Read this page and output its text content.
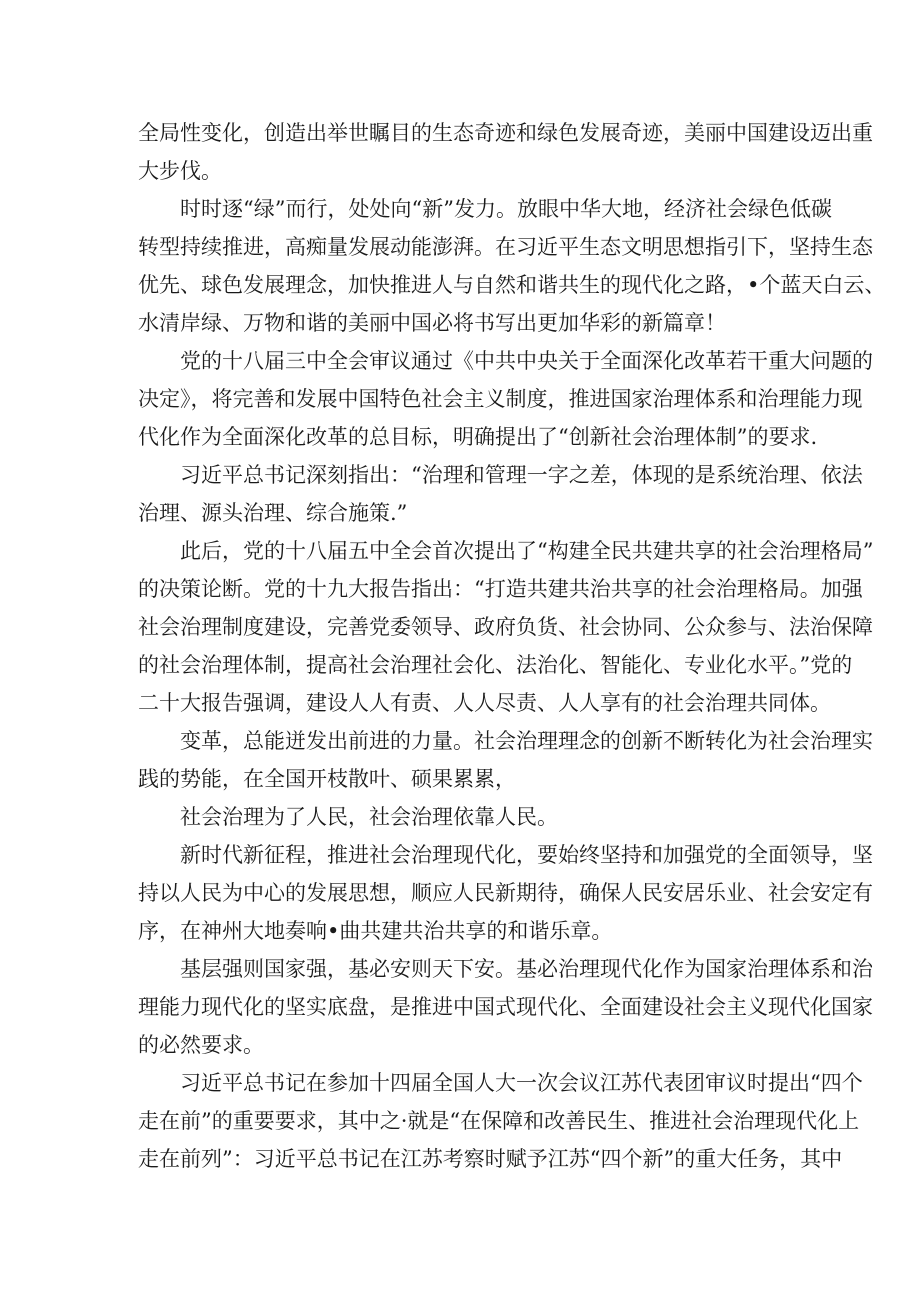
全局性变化，创造出举世瞩目的生态奇迹和绿色发展奇迹，美丽中国建设迈出重
大步伐。
时时逐“绿”而行，处处向“新”发力。放眼中华大地，经济社会绿色低碳
转型持续推进，高痴量发展动能澎湃。在习近平生态文明思想指引下，坚持生态
优先、球色发展理念，加快推进人与自然和谐共生的现代化之路，•个蓝天白云、
水清岸绿、万物和谐的美丽中国必将书写出更加华彩的新篇章！
党的十八届三中全会审议通过《中共中央关于全面深化改革若干重大问题的
决定》，将完善和发展中国特色社会主义制度，推进国家治理体系和治理能力现
代化作为全面深化改革的总目标，明确提出了“创新社会治理体制”的要求.
习近平总书记深刻指出：“治理和管理一字之差，体现的是系统治理、依法
治理、源头治理、综合施策.”
此后，党的十八届五中全会首次提出了“构建全民共建共享的社会治理格局”
的决策论断。党的十九大报告指出：“打造共建共治共享的社会治理格局。加强
社会治理制度建设，完善党委领导、政府负货、社会协同、公众参与、法治保障
的社会治理体制，提高社会治理社会化、法治化、智能化、专业化水平。”党的
二十大报告强调，建设人人有责、人人尽责、人人享有的社会治理共同体。
变革，总能迸发出前进的力量。社会治理理念的创新不断转化为社会治理实
践的势能，在全国开枝散叶、硕果累累，
社会治理为了人民，社会治理依靠人民。
新时代新征程，推进社会治理现代化，要始终坚持和加强党的全面领导，坚
持以人民为中心的发展思想，顺应人民新期待，确保人民安居乐业、社会安定有
序，在神州大地奏响•曲共建共治共享的和谐乐章。
基层强则国家强，基必安则天下安。基必治理现代化作为国家治理体系和治
理能力现代化的坚实底盘，是推进中国式现代化、全面建设社会主义现代化国家
的必然要求。
习近平总书记在参加十四届全国人大一次会议江苏代表团审议时提出“四个
走在前”的重要要求，其中之·就是“在保障和改善民生、推进社会治理现代化上
走在前列”：习近平总书记在江苏考察时赋予江苏“四个新”的重大任务，其中
